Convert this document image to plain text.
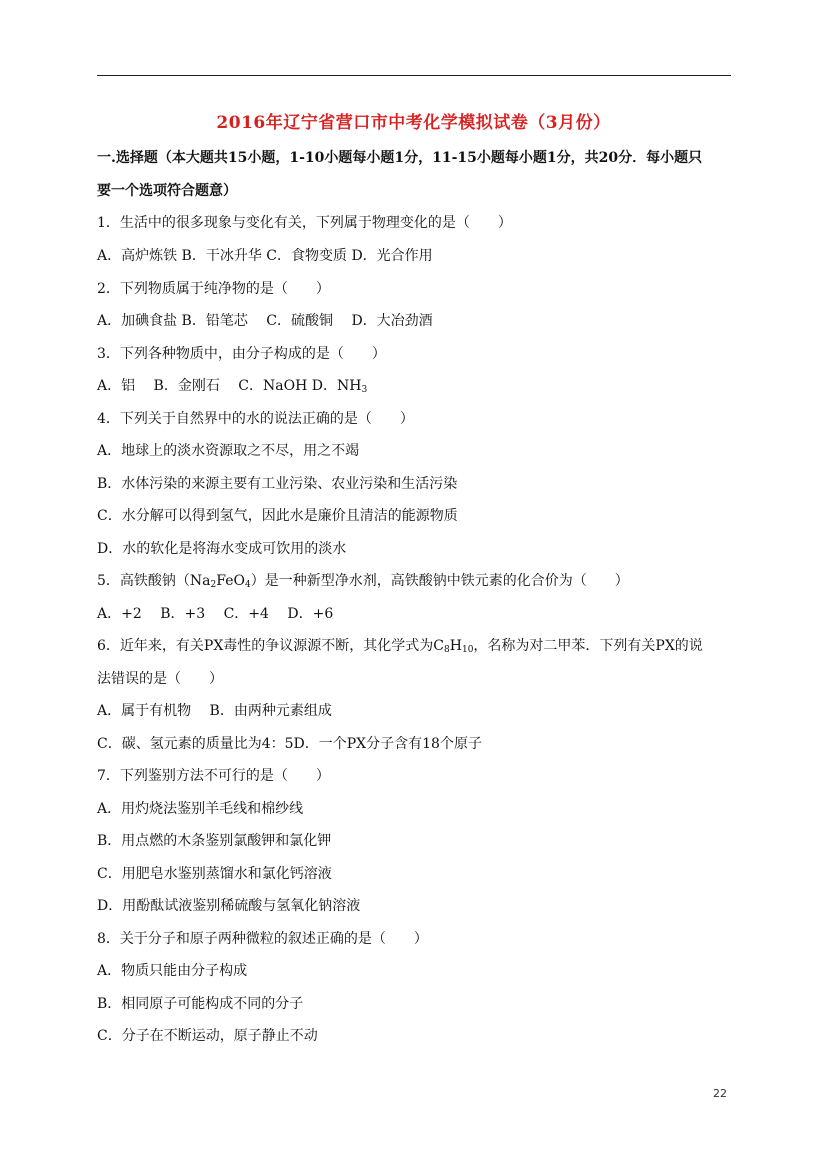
2016年辽宁省营口市中考化学模拟试卷（3月份）
一.选择题（本大题共15小题，1-10小题每小题1分，11-15小题每小题1分，共20分．每小题只
要一个选项符合题意）
1．生活中的很多现象与变化有关，下列属于物理变化的是（　　）
A．高炉炼铁 B．干冰升华 C．食物变质 D．光合作用
2．下列物质属于纯净物的是（　　）
A．加碘食盐 B．铅笔芯　 C．硫酸铜　 D．大冶劲酒
3．下列各种物质中，由分子构成的是（　　）
A．铝　 B．金刚石　 C．NaOH D．$NH_3$
4．下列关于自然界中的水的说法正确的是（　　）
A．地球上的淡水资源取之不尽，用之不竭
B．水体污染的来源主要有工业污染、农业污染和生活污染
C．水分解可以得到氢气，因此水是廉价且清洁的能源物质
D．水的软化是将海水变成可饮用的淡水
5．高铁酸钠$(Na_2FeO_4)$是一种新型净水剂，高铁酸钠中铁元素的化合价为（　　）
A．+2　 B．+3　 C．+4　 D．+6
6．近年来，有关PX毒性的争议源源不断，其化学式为$C_8H_{10}$，名称为对二甲苯．下列有关PX的说
法错误的是（　　）
A．属于有机物　 B．由两种元素组成
C．碳、氢元素的质量比为4：5D．一个PX分子含有18个原子
7．下列鉴别方法不可行的是（　　）
A．用灼烧法鉴别羊毛线和棉纱线
B．用点燃的木条鉴别氯酸钾和氯化钾
C．用肥皂水鉴别蒸馏水和氯化钙溶液
D．用酚酞试液鉴别稀硫酸与氢氧化钠溶液
8．关于分子和原子两种微粒的叙述正确的是（　　）
A．物质只能由分子构成
B．相同原子可能构成不同的分子
C．分子在不断运动，原子静止不动
22
